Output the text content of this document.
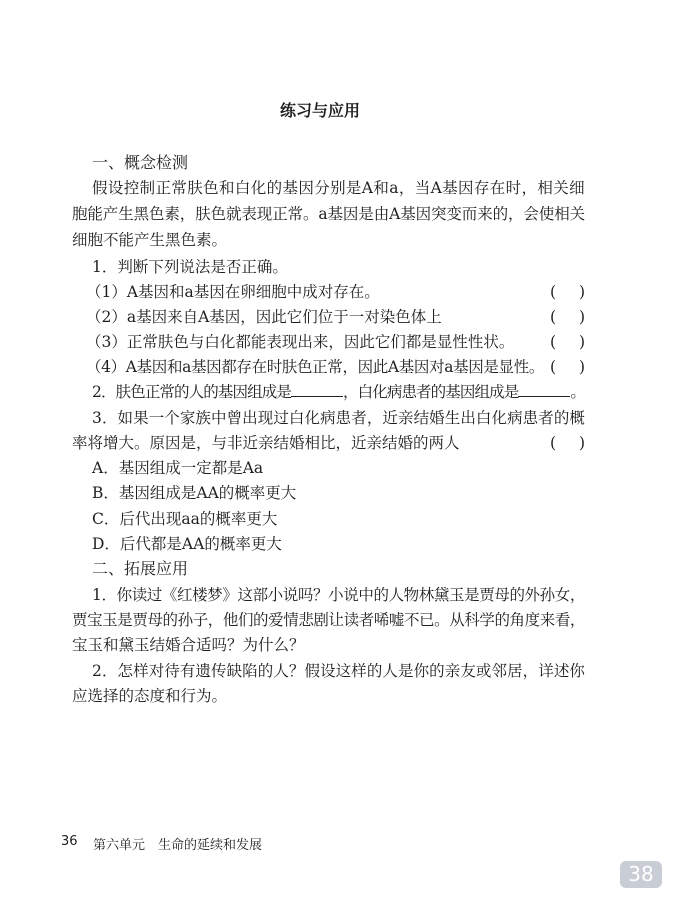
练习与应用
一、概念检测
假设控制正常肤色和白化的基因分别是A和a，当A基因存在时，相关细
胞能产生黑色素，肤色就表现正常。a基因是由A基因突变而来的，会使相关
细胞不能产生黑色素。
1．判断下列说法是否正确。
（1）A基因和a基因在卵细胞中成对存在。	( )
（2）a基因来自A基因，因此它们位于一对染色体上	( )
（3）正常肤色与白化都能表现出来，因此它们都是显性性状。 ( )
（4）A基因和a基因都存在时肤色正常，因此A基因对a基因是显性。 ( )
2．肤色正常的人的基因组成是	，白化病患者的基因组成是	。
3．如果一个家族中曾出现过白化病患者，近亲结婚生出白化病患者的概
率将增大。原因是，与非近亲结婚相比，近亲结婚的两人	( )
A．基因组成一定都是Aa
B．基因组成是AA的概率更大
C．后代出现aa的概率更大
D．后代都是AA的概率更大
二、拓展应用
1．你读过《红楼梦》这部小说吗？小说中的人物林黛玉是贾母的外孙女，
贾宝玉是贾母的孙子，他们的爱情悲剧让读者唏嘘不已。从科学的角度来看，
宝玉和黛玉结婚合适吗？为什么？
2．怎样对待有遗传缺陷的人？假设这样的人是你的亲友或邻居，详述你
应选择的态度和行为。
36 第六单元　生命的延续和发展
38
